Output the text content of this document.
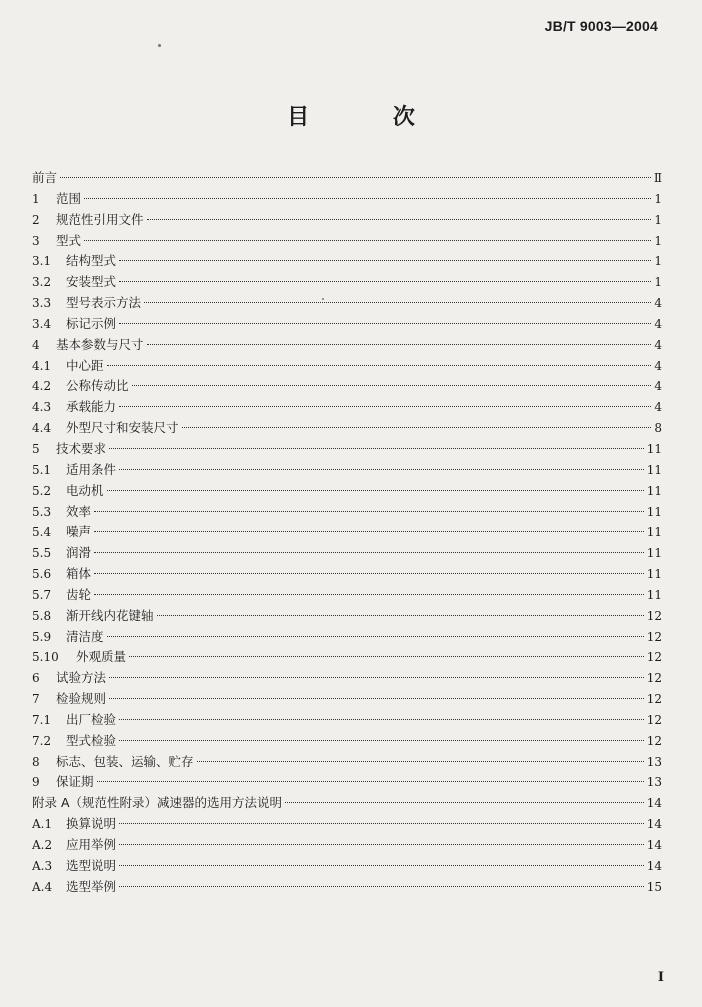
JB/T 9003—2004
目 次
前言	Ⅱ
1	范围	1
2	规范性引用文件	1
3	型式	1
3.1	结构型式	1
3.2	安装型式	1
3.3	型号表示方法	4
3.4	标记示例	4
4	基本参数与尺寸	4
4.1	中心距	4
4.2	公称传动比	4
4.3	承载能力	4
4.4	外型尺寸和安装尺寸	8
5	技术要求	11
5.1	适用条件	11
5.2	电动机	11
5.3	效率	11
5.4	噪声	11
5.5	润滑	11
5.6	箱体	11
5.7	齿轮	11
5.8	渐开线内花键轴	12
5.9	清洁度	12
5.10	外观质量	12
6	试验方法	12
7	检验规则	12
7.1	出厂检验	12
7.2	型式检验	12
8	标志、包装、运输、贮存	13
9	保证期	13
附录 A（规范性附录）减速器的选用方法说明	14
A.1	换算说明	14
A.2	应用举例	14
A.3	选型说明	14
A.4	选型举例	15
I
